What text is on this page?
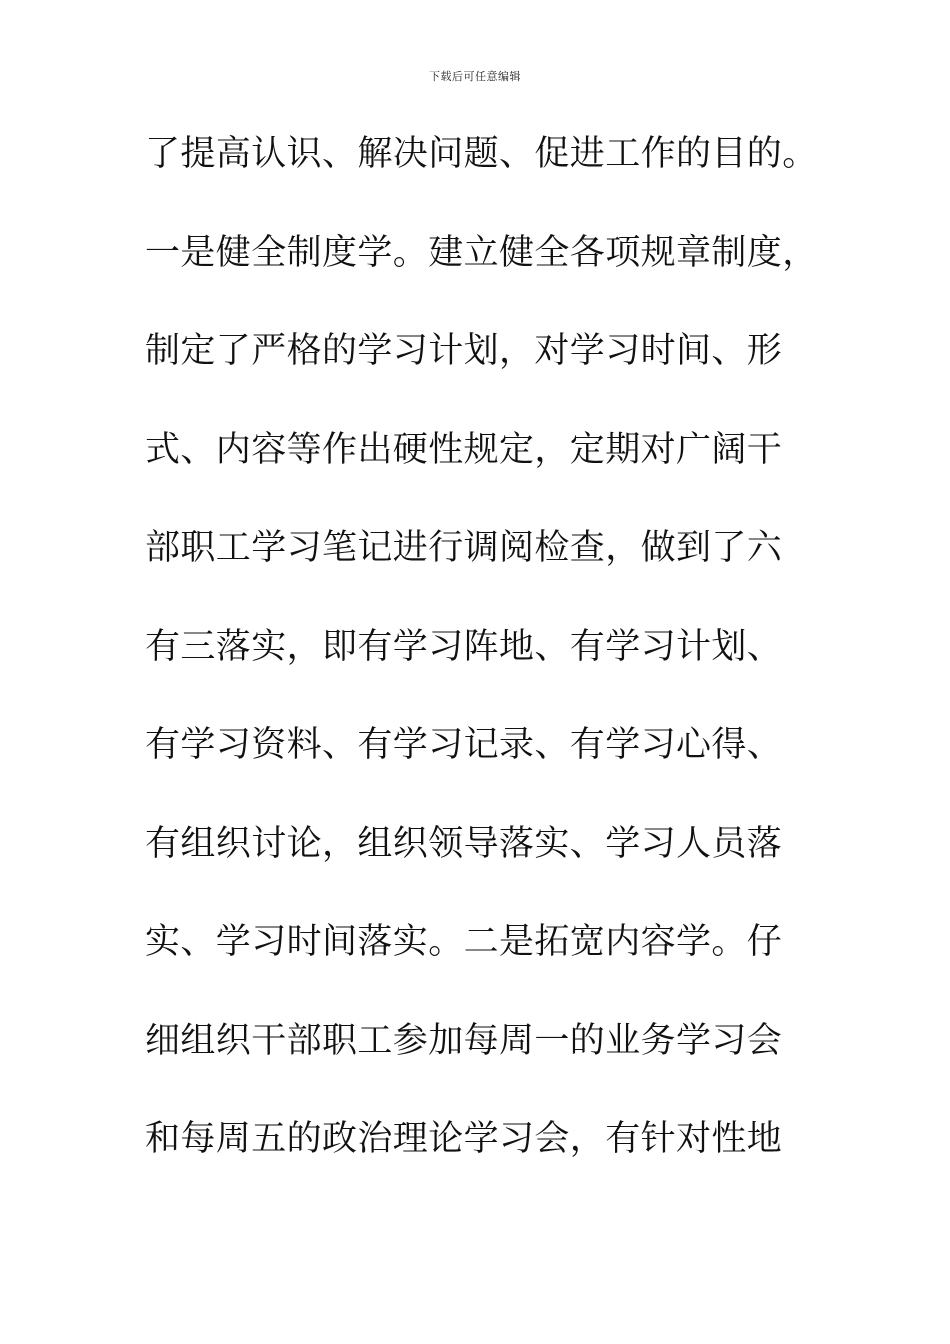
下载后可任意编辑
了提高认识、解决问题、促进工作的目的。
一是健全制度学。建立健全各项规章制度，
制定了严格的学习计划，对学习时间、形
式、内容等作出硬性规定，定期对广阔干
部职工学习笔记进行调阅检查，做到了六
有三落实，即有学习阵地、有学习计划、
有学习资料、有学习记录、有学习心得、
有组织讨论，组织领导落实、学习人员落
实、学习时间落实。二是拓宽内容学。仔
细组织干部职工参加每周一的业务学习会
和每周五的政治理论学习会，有针对性地
